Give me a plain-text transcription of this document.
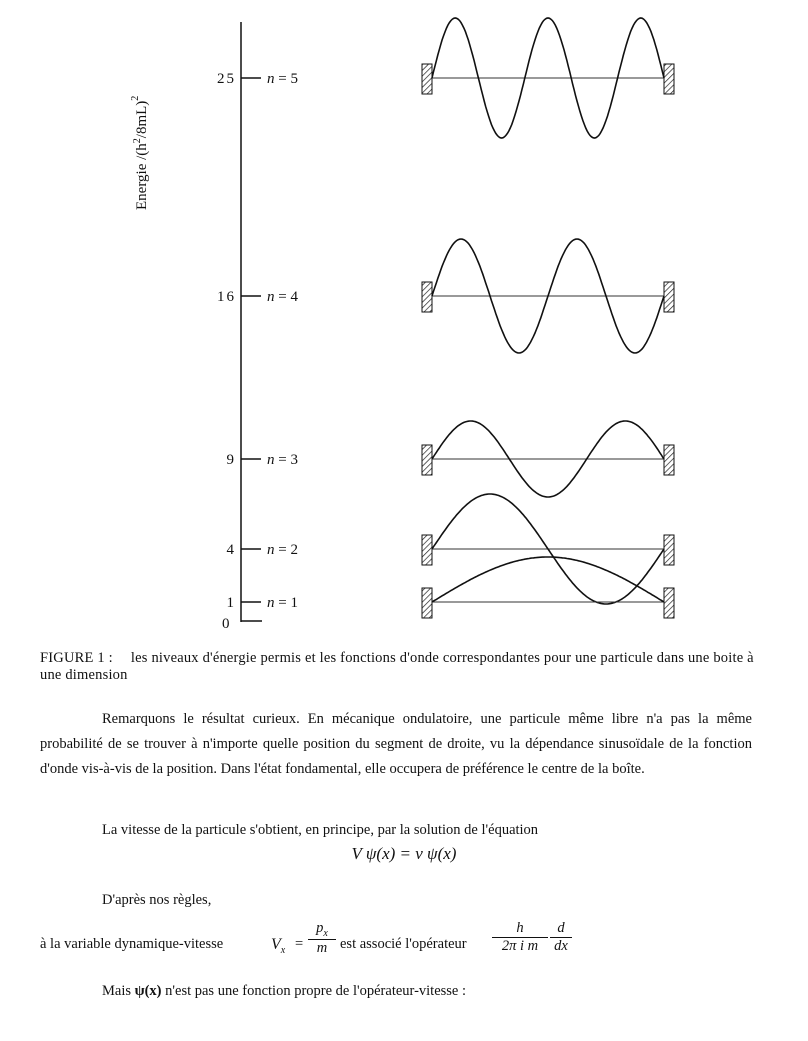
Energie $/(h^2/8mL)^2$
0
25 n = 5
16 n = 4
9 n = 3
4 n = 2
1 n = 1
FIGURE 1 : les niveaux d'énergie permis et les fonctions d'onde correspondantes pour une particule dans une boite à une dimension
Remarquons le résultat curieux. En mécanique ondulatoire, une particule même libre n'a pas la même probabilité de se trouver à n'importe quelle position du segment de droite, vu la dépendance sinusoïdale de la fonction d'onde vis-à-vis de la position. Dans l'état fondamental, elle occupera de préférence le centre de la boîte.
La vitesse de la particule s'obtient, en principe, par la solution de l'équation
V ψ(x) = v ψ(x)
D'après nos règles,
à la variable dynamique-vitesse	$V_x = \frac{p_x}{m}$ est associé l'opérateur $\frac{h}{\text{2π i m}} \frac{d}{dx}$
Mais ψ(x) n'est pas une fonction propre de l'opérateur-vitesse :
